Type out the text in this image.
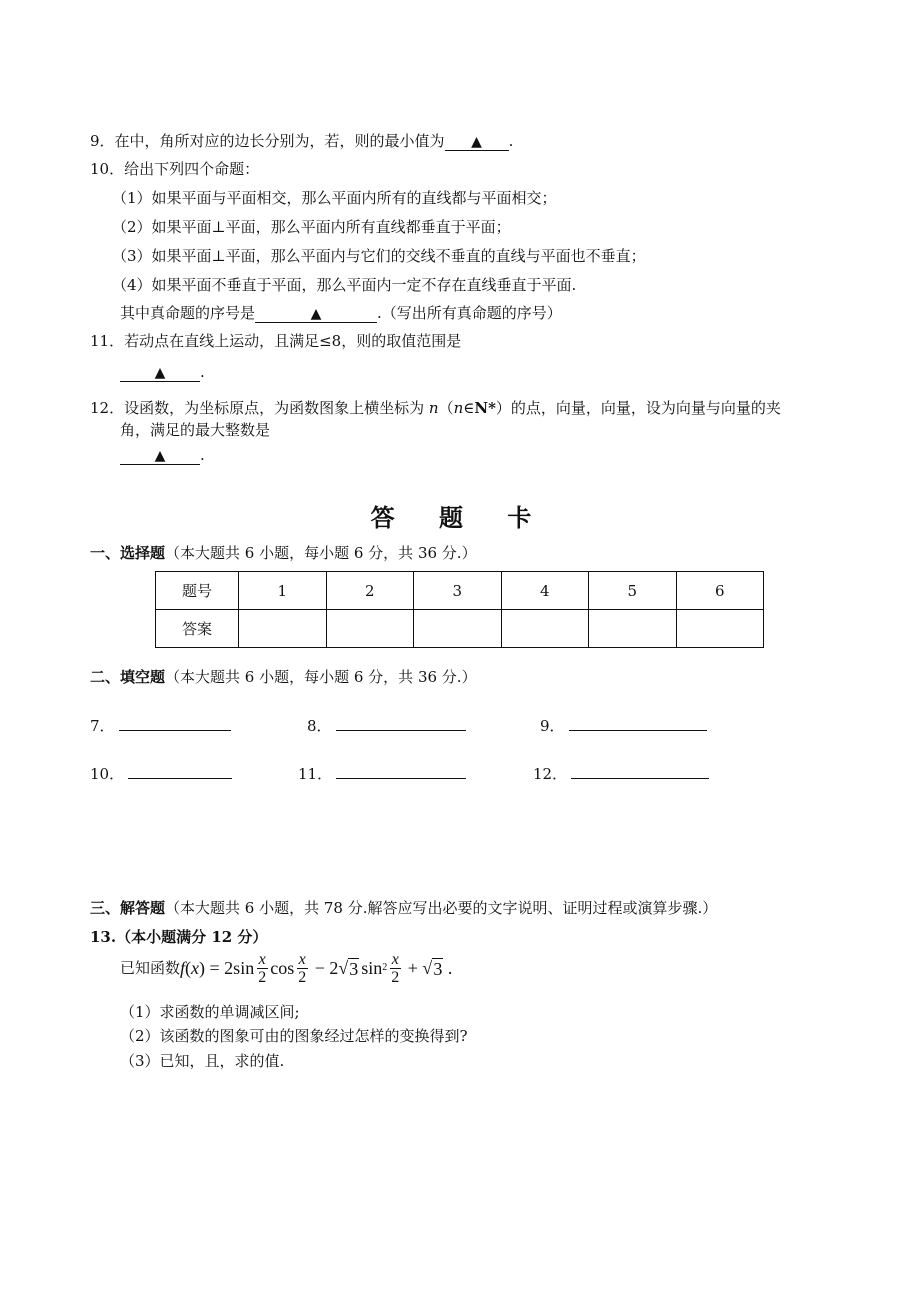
9．在中，角所对应的边长分别为，若，则的最小值为 ▲ .
10．给出下列四个命题：
（1）如果平面与平面相交，那么平面内所有的直线都与平面相交；
（2）如果平面⊥平面，那么平面内所有直线都垂直于平面；
（3）如果平面⊥平面，那么平面内与它们的交线不垂直的直线与平面也不垂直；
（4）如果平面不垂直于平面，那么平面内一定不存在直线垂直于平面.
其中真命题的序号是	▲	.（写出所有真命题的序号）
11．若动点在直线上运动，且满足≤8，则的取值范围是
▲ .
12．设函数，为坐标原点，为函数图象上横坐标为 n（n∈N*）的点，向量，向量，设为向量与向量的夹
角，满足的最大整数是
▲ .
答 题 卡
一、选择题（本大题共 6 小题，每小题 6 分，共 36 分.）
题号	1	2	3	4	5	6
答案						
二、填空题（本大题共 6 小题，每小题 6 分，共 36 分.）
7．	8．	9．
10．	11．	12．
三、解答题（本大题共 6 小题，共 78 分.解答应写出必要的文字说明、证明过程或演算步骤.）
13.（本小题满分 12 分）
已知函数 f ( x ) = $2\sin \frac{x}{2}$ $\cos \frac{x}{2} - 2$ √ 3 $\sin 2 \frac{x}{2}$ + √ 3 .
（1）求函数的单调减区间;
（2）该函数的图象可由的图象经过怎样的变换得到?
（3）已知，且，求的值.
